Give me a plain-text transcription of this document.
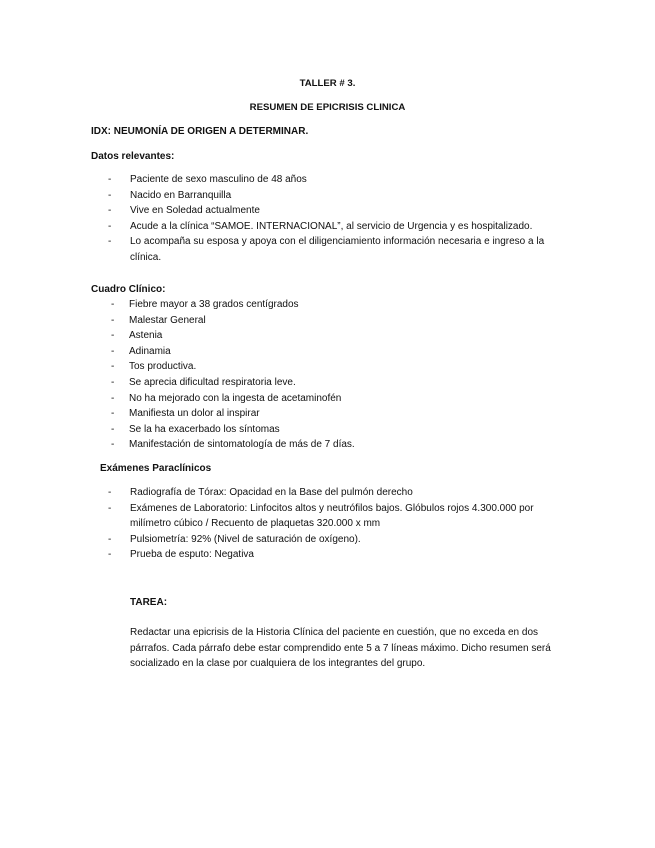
TALLER # 3.
RESUMEN DE EPICRISIS CLINICA
IDX: NEUMONÍA DE ORIGEN A DETERMINAR.
Datos relevantes:
- Paciente de sexo masculino de 48 años
- Nacido en Barranquilla
- Vive en Soledad actualmente
- Acude a la clínica “SAMOE. INTERNACIONAL”, al servicio de Urgencia y es hospitalizado.
- Lo acompaña su esposa y apoya con el diligenciamiento información necesaria e ingreso a la clínica.
Cuadro Clínico:
- Fiebre mayor a 38 grados centígrados
- Malestar General
- Astenia
- Adinamia
- Tos productiva.
- Se aprecia dificultad respiratoria leve.
- No ha mejorado con la ingesta de acetaminofén
- Manifiesta un dolor al inspirar
- Se la ha exacerbado los síntomas
- Manifestación de sintomatología de más de 7 días.
Exámenes Paraclínicos
- Radiografía de Tórax: Opacidad en la Base del pulmón derecho
- Exámenes de Laboratorio: Linfocitos altos y neutrófilos bajos. Glóbulos rojos 4.300.000 por milímetro cúbico / Recuento de plaquetas 320.000 x mm
- Pulsiometría: 92% (Nivel de saturación de oxígeno).
- Prueba de esputo: Negativa
TAREA:
Redactar una epicrisis de la Historia Clínica del paciente en cuestión, que no exceda en dos párrafos. Cada párrafo debe estar comprendido ente 5 a 7 líneas máximo. Dicho resumen será socializado en la clase por cualquiera de los integrantes del grupo.
